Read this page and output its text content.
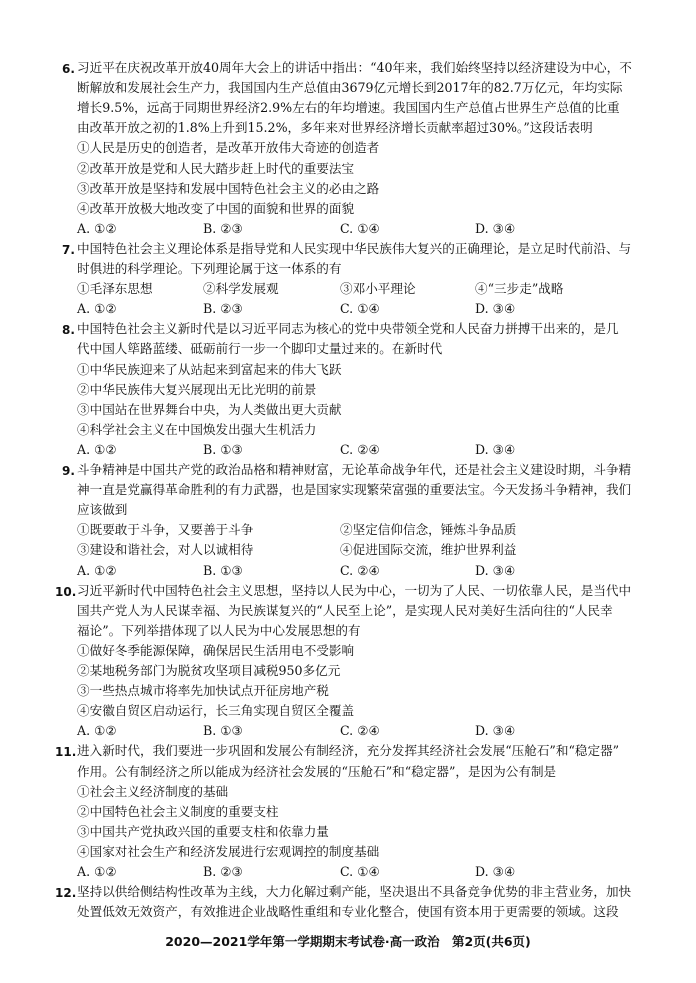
习近平在庆祝改革开放40周年大会上的讲话中指出：“40年来，我们始终坚持以经济建设为中心，不
6.
断解放和发展社会生产力，我国国内生产总值由3679亿元增长到2017年的82.7万亿元，年均实际
增长9.5%，远高于同期世界经济2.9%左右的年均增速。我国国内生产总值占世界生产总值的比重
由改革开放之初的1.8%上升到15.2%，多年来对世界经济增长贡献率超过30%。”这段话表明
①人民是历史的创造者，是改革开放伟大奇迹的创造者
②改革开放是党和人民大踏步赶上时代的重要法宝
③改革开放是坚持和发展中国特色社会主义的必由之路
④改革开放极大地改变了中国的面貌和世界的面貌
A. ①②	B. ②③	C. ①④	D. ③④
中国特色社会主义理论体系是指导党和人民实现中华民族伟大复兴的正确理论，是立足时代前沿、与
7.
时俱进的科学理论。下列理论属于这一体系的有
①毛泽东思想	②科学发展观	③邓小平理论	④“三步走”战略
A. ①②	B. ②③	C. ①④	D. ③④
中国特色社会主义新时代是以习近平同志为核心的党中央带领全党和人民奋力拼搏干出来的，是几
8.
代中国人筚路蓝缕、砥砺前行一步一个脚印丈量过来的。在新时代
①中华民族迎来了从站起来到富起来的伟大飞跃
②中华民族伟大复兴展现出无比光明的前景
③中国站在世界舞台中央，为人类做出更大贡献
④科学社会主义在中国焕发出强大生机活力
A. ①②	B. ①③	C. ②④	D. ③④
斗争精神是中国共产党的政治品格和精神财富，无论革命战争年代，还是社会主义建设时期，斗争精
9.
神一直是党赢得革命胜利的有力武器，也是国家实现繁荣富强的重要法宝。今天发扬斗争精神，我们
应该做到
①既要敢于斗争，又要善于斗争	②坚定信仰信念，锤炼斗争品质
③建设和谐社会，对人以诚相待	④促进国际交流，维护世界利益
A. ①②	B. ①③	C. ②④	D. ③④
习近平新时代中国特色社会主义思想，坚持以人民为中心，一切为了人民、一切依靠人民，是当代中
10.
国共产党人为人民谋幸福、为民族谋复兴的“人民至上论”，是实现人民对美好生活向往的“人民幸
福论”。下列举措体现了以人民为中心发展思想的有
①做好冬季能源保障，确保居民生活用电不受影响
②某地税务部门为脱贫攻坚项目减税950多亿元
③一些热点城市将率先加快试点开征房地产税
④安徽自贸区启动运行，长三角实现自贸区全覆盖
A. ①②	B. ①③	C. ②④	D. ③④
进入新时代，我们要进一步巩固和发展公有制经济，充分发挥其经济社会发展“压舱石”和“稳定器”
11.
作用。公有制经济之所以能成为经济社会发展的“压舱石”和“稳定器”，是因为公有制是
①社会主义经济制度的基础
②中国特色社会主义制度的重要支柱
③中国共产党执政兴国的重要支柱和依靠力量
④国家对社会生产和经济发展进行宏观调控的制度基础
A. ①②	B. ②③	C. ①④	D. ③④
坚持以供给侧结构性改革为主线，大力化解过剩产能，坚决退出不具备竞争优势的非主营业务，加快
12.
处置低效无效资产，有效推进企业战略性重组和专业化整合，使国有资本用于更需要的领域。这段
2020—2021学年第一学期期末考试卷·高一政治 第2页(共6页)
